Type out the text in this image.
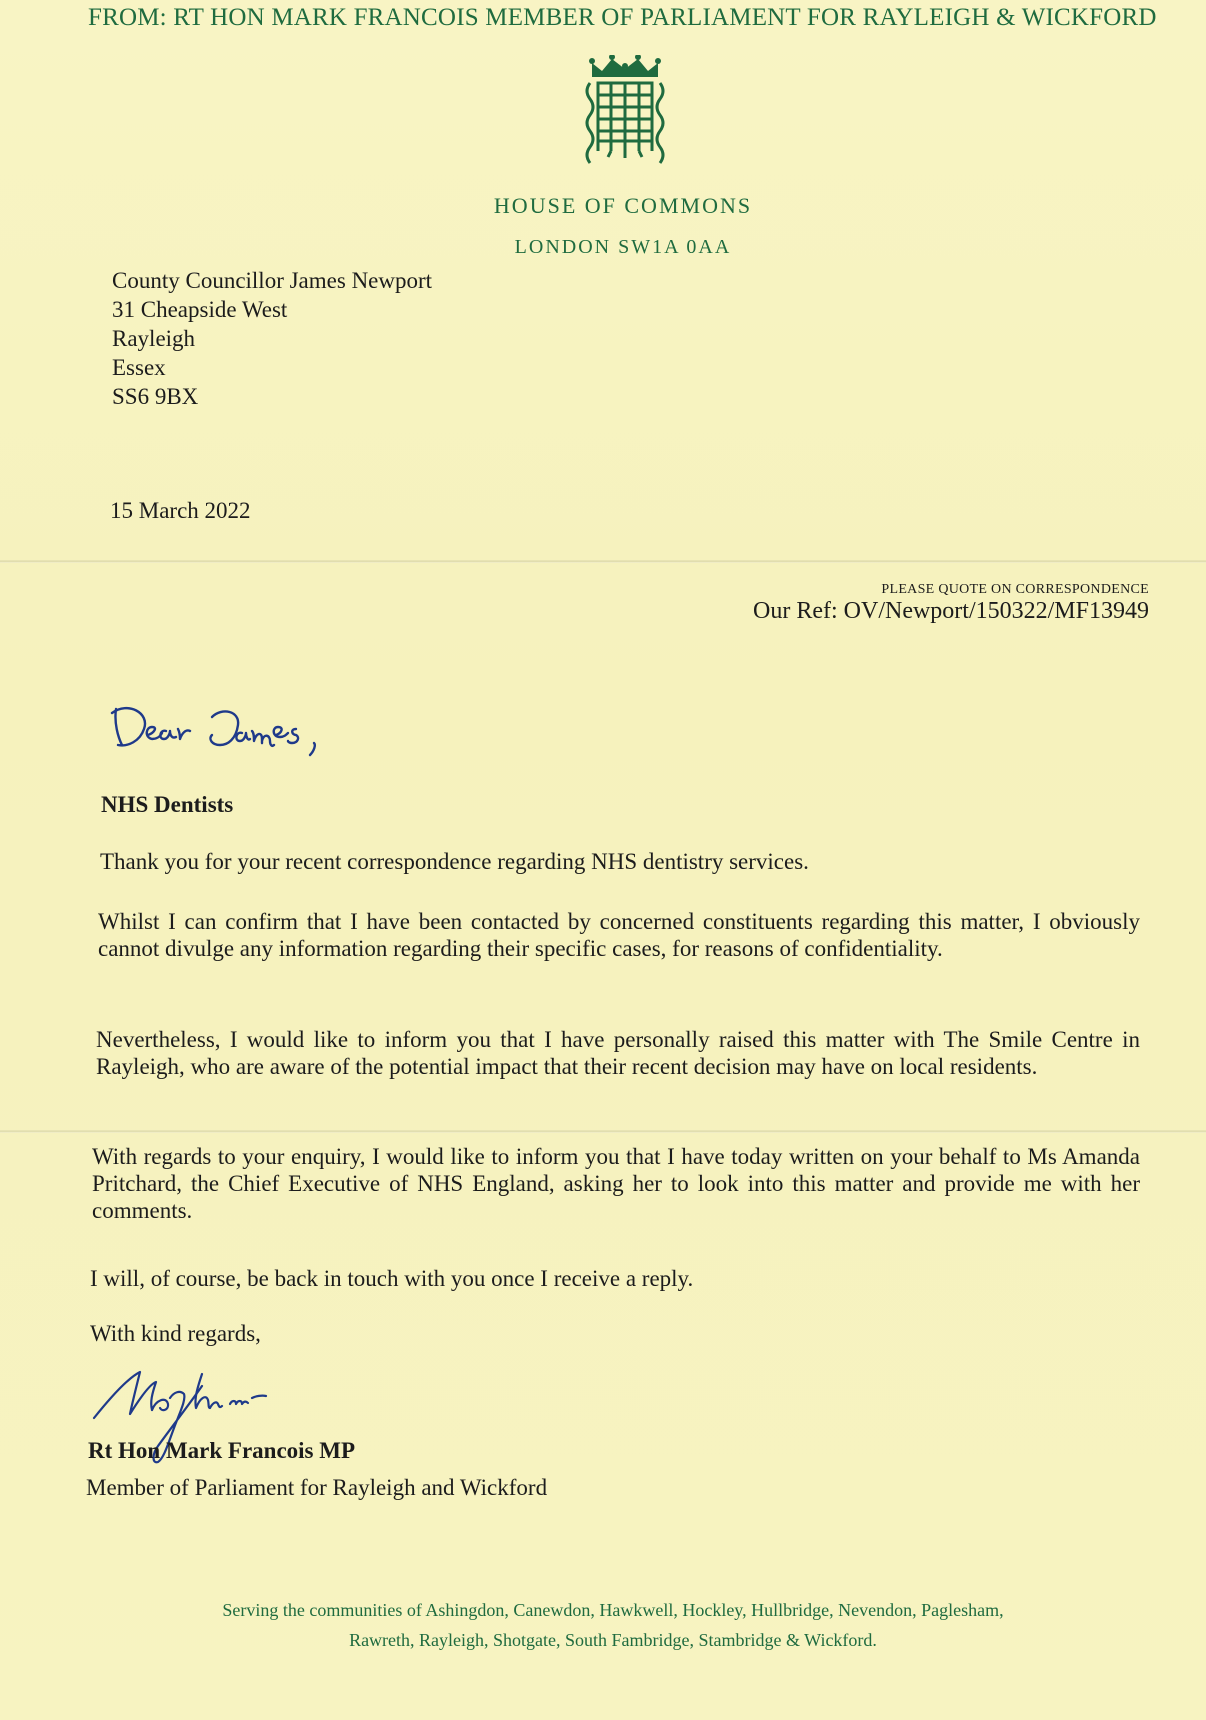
FROM: RT HON MARK FRANCOIS MEMBER OF PARLIAMENT FOR RAYLEIGH & WICKFORD
HOUSE OF COMMONS
LONDON SW1A 0AA
County Councillor James Newport
31 Cheapside West
Rayleigh
Essex
SS6 9BX
15 March 2022
PLEASE QUOTE ON CORRESPONDENCE
Our Ref: OV/Newport/150322/MF13949
NHS Dentists
Thank you for your recent correspondence regarding NHS dentistry services.
Whilst I can confirm that I have been contacted by concerned constituents regarding this matter, I obviously cannot divulge any information regarding their specific cases, for reasons of confidentiality.
Nevertheless, I would like to inform you that I have personally raised this matter with The Smile Centre in Rayleigh, who are aware of the potential impact that their recent decision may have on local residents.
With regards to your enquiry, I would like to inform you that I have today written on your behalf to Ms Amanda Pritchard, the Chief Executive of NHS England, asking her to look into this matter and provide me with her comments.
I will, of course, be back in touch with you once I receive a reply.
With kind regards,
Rt Hon Mark Francois MP
Member of Parliament for Rayleigh and Wickford
Serving the communities of Ashingdon, Canewdon, Hawkwell, Hockley, Hullbridge, Nevendon, Paglesham,
Rawreth, Rayleigh, Shotgate, South Fambridge, Stambridge & Wickford.
